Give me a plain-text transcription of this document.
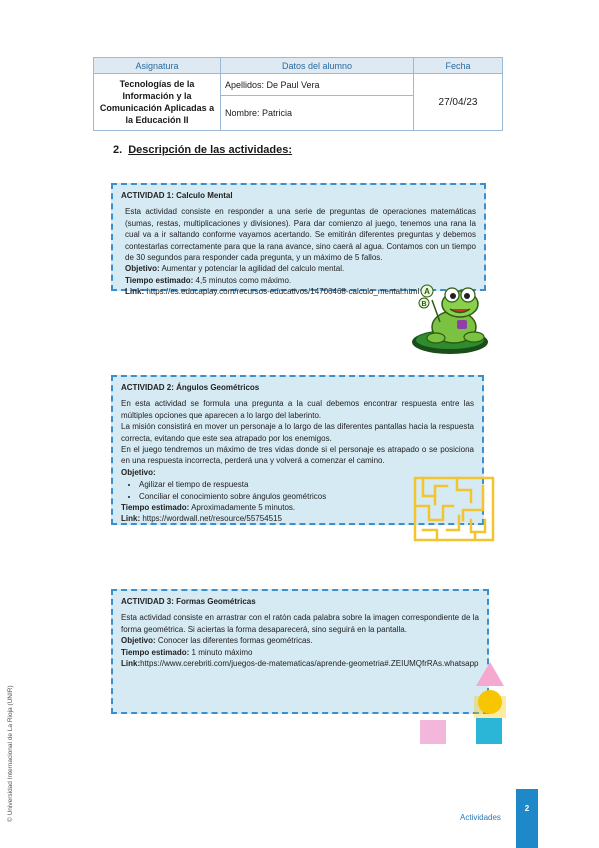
Asignatura	Datos del alumno	Fecha
Tecnologías de la Información y la Comunicación Aplicadas a la Educación II	Apellidos: De Paul Vera	27/04/23
	Nombre: Patricia	
2. Descripción de las actividades:
ACTIVIDAD 1: Calculo Mental

Esta actividad consiste en responder a una serie de preguntas de operaciones matemáticas (sumas, restas, multiplicaciones y divisiones). Para dar comienzo al juego, tenemos una rana la cual va a ir saltando conforme vayamos acertando. Se emitirán diferentes preguntas y debemos contestarlas correctamente para que la rana avance, sino caerá al agua. Contamos con un tiempo de 30 segundos para responder cada pregunta, y un máximo de 5 fallos.

Objetivo: Aumentar y potenciar la agilidad del calculo mental.

Tiempo estimado: 4,5 minutos como máximo.

Link: https://es.educaplay.com/recursos-educativos/14706468-calculo_mental.html A
B
ACTIVIDAD 2: Ángulos Geométricos

En esta actividad se formula una pregunta a la cual debemos encontrar respuesta entre las múltiples opciones que aparecen a lo largo del laberinto.

La misión consistirá en mover un personaje a lo largo de las diferentes pantallas hacia la respuesta correcta, evitando que este sea atrapado por los enemigos.

En el juego tendremos un máximo de tres vidas donde si el personaje es atrapado o se posiciona en una respuesta incorrecta, perderá una y volverá a comenzar el camino.

Objetivo:

• Agilizar el tiempo de respuesta
• Conciliar el conocimiento sobre ángulos geométricos

Tiempo estimado: Aproximadamente 5 minutos.

Link: https://wordwall.net/resource/55754515

ACTIVIDAD 3: Formas Geométricas

Esta actividad consiste en arrastrar con el ratón cada palabra sobre la imagen correspondiente de la forma geométrica. Si aciertas la forma desaparecerá, sino seguirá en la pantalla.

Objetivo: Conocer las diferentes formas geométricas.

Tiempo estimado: 1 minuto máximo

Link:https://www.cerebriti.com/juegos-de-matematicas/aprende-geometria#.ZEIUMQfrRAs.whatsapp

© Universidad Internacional de La Rioja (UNIR)	Actividades
2
